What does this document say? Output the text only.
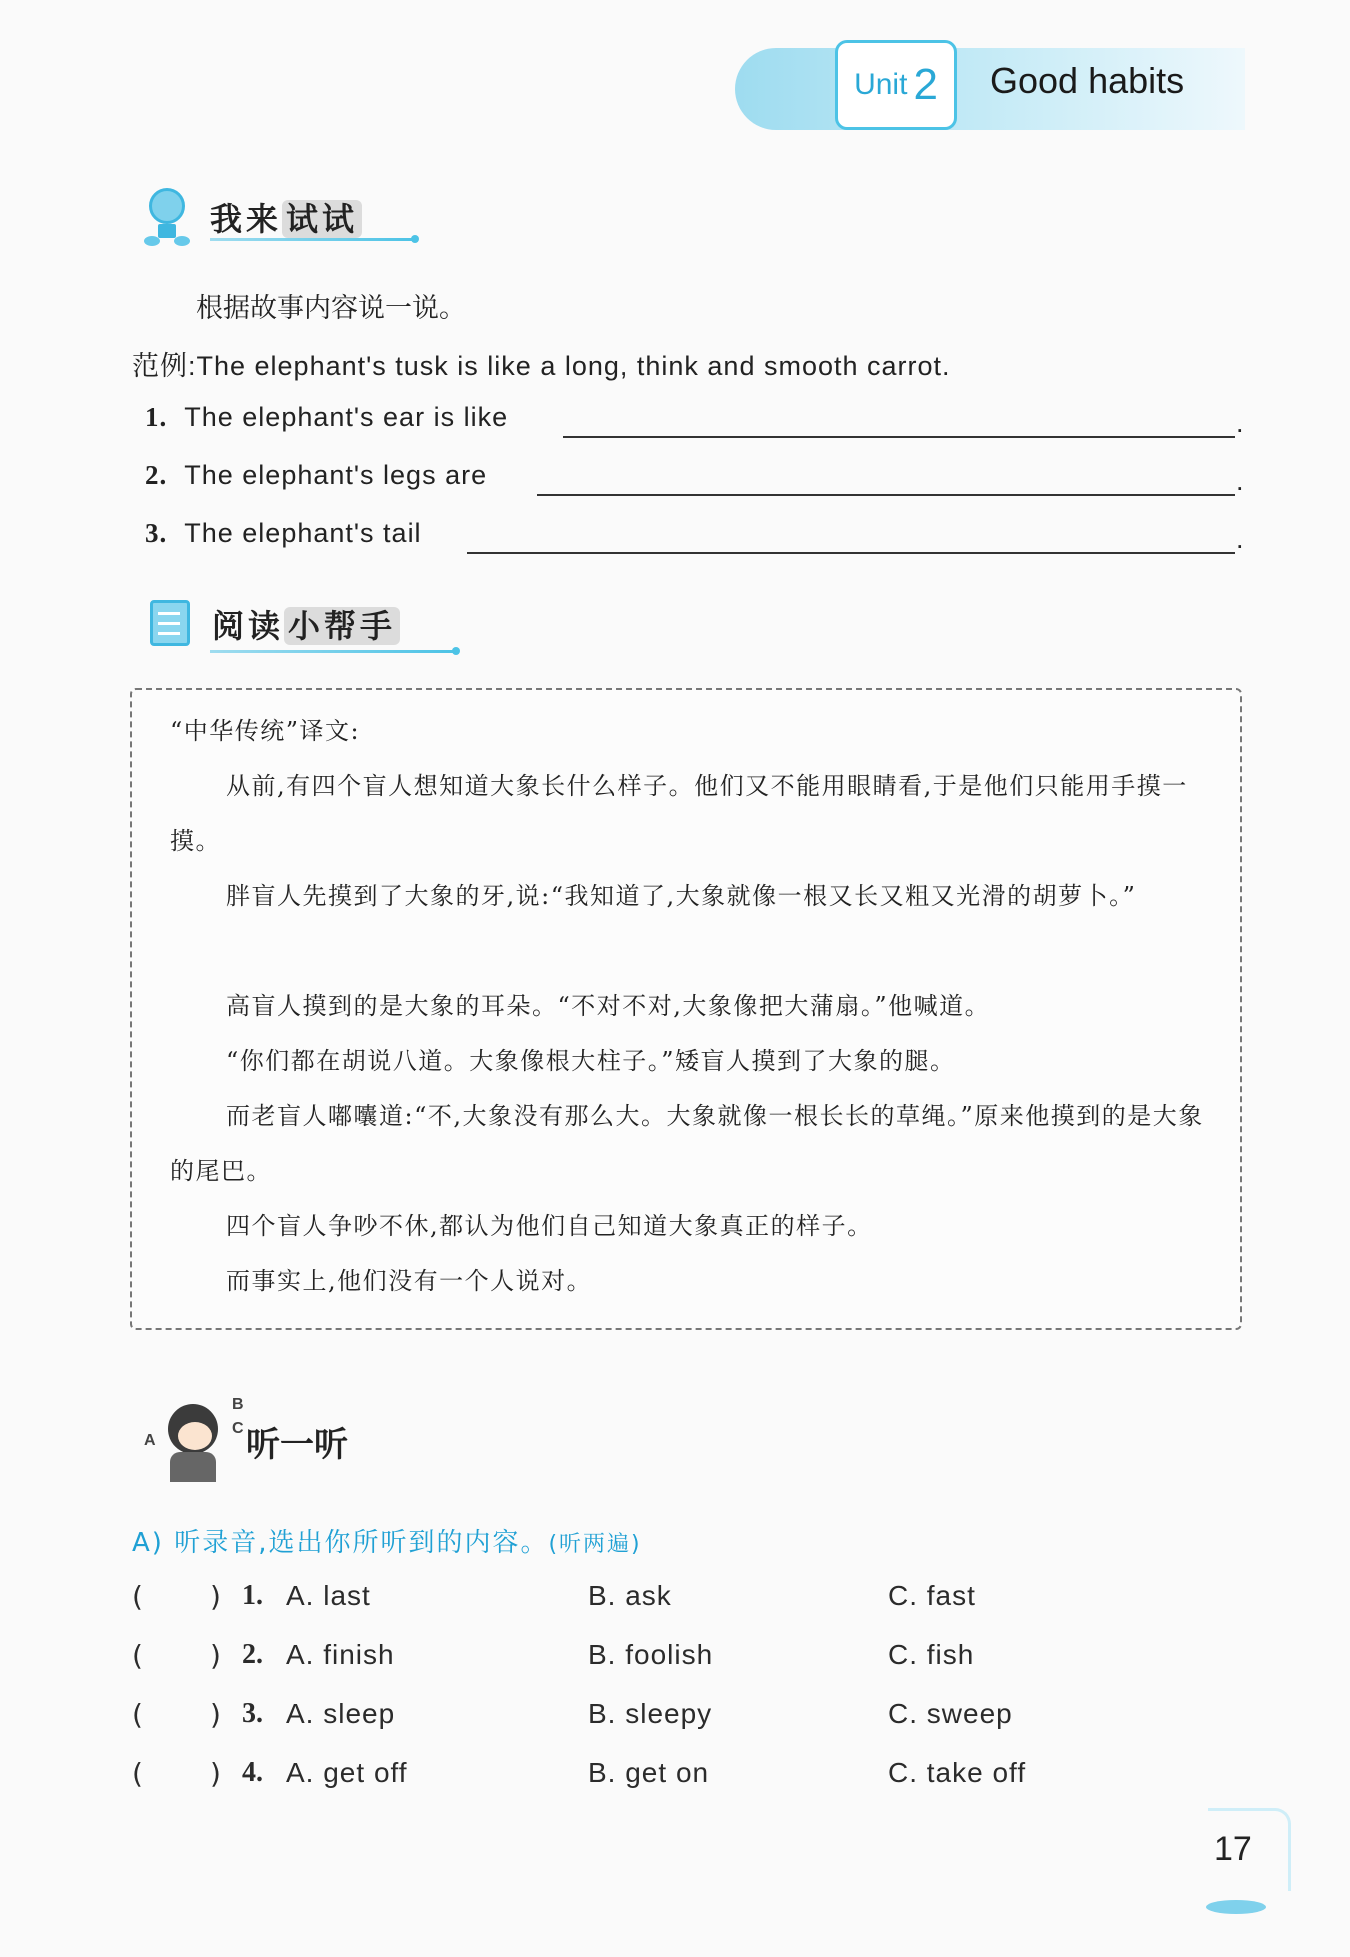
Unit 2 Good habits
我来 试试
根据故事内容说一说。
范例:The elephant's tusk is like a long, think and smooth carrot.
1. The elephant's ear is like	.
2. The elephant's legs are	.
3. The elephant's tail	.
阅读 小帮手
“中华传统”译文:
从前,有四个盲人想知道大象长什么样子。他们又不能用眼睛看,于是他们只能用手摸一摸。
胖盲人先摸到了大象的牙,说:“我知道了,大象就像一根又长又粗又光滑的胡萝卜。”
高盲人摸到的是大象的耳朵。“不对不对,大象像把大蒲扇。”他喊道。
“你们都在胡说八道。大象像根大柱子。”矮盲人摸到了大象的腿。
而老盲人嘟囔道:“不,大象没有那么大。大象就像一根长长的草绳。”原来他摸到的是大象的尾巴。
四个盲人争吵不休,都认为他们自己知道大象真正的样子。
而事实上,他们没有一个人说对。
A
B
C 听一听
A) 听录音,选出你所听到的内容。(听两遍)
( ) 1. A. last	B. ask	C. fast
( ) 2. A. finish	B. foolish	C. fish
( ) 3. A. sleep	B. sleepy	C. sweep
( ) 4. A. get off	B. get on	C. take off
17
